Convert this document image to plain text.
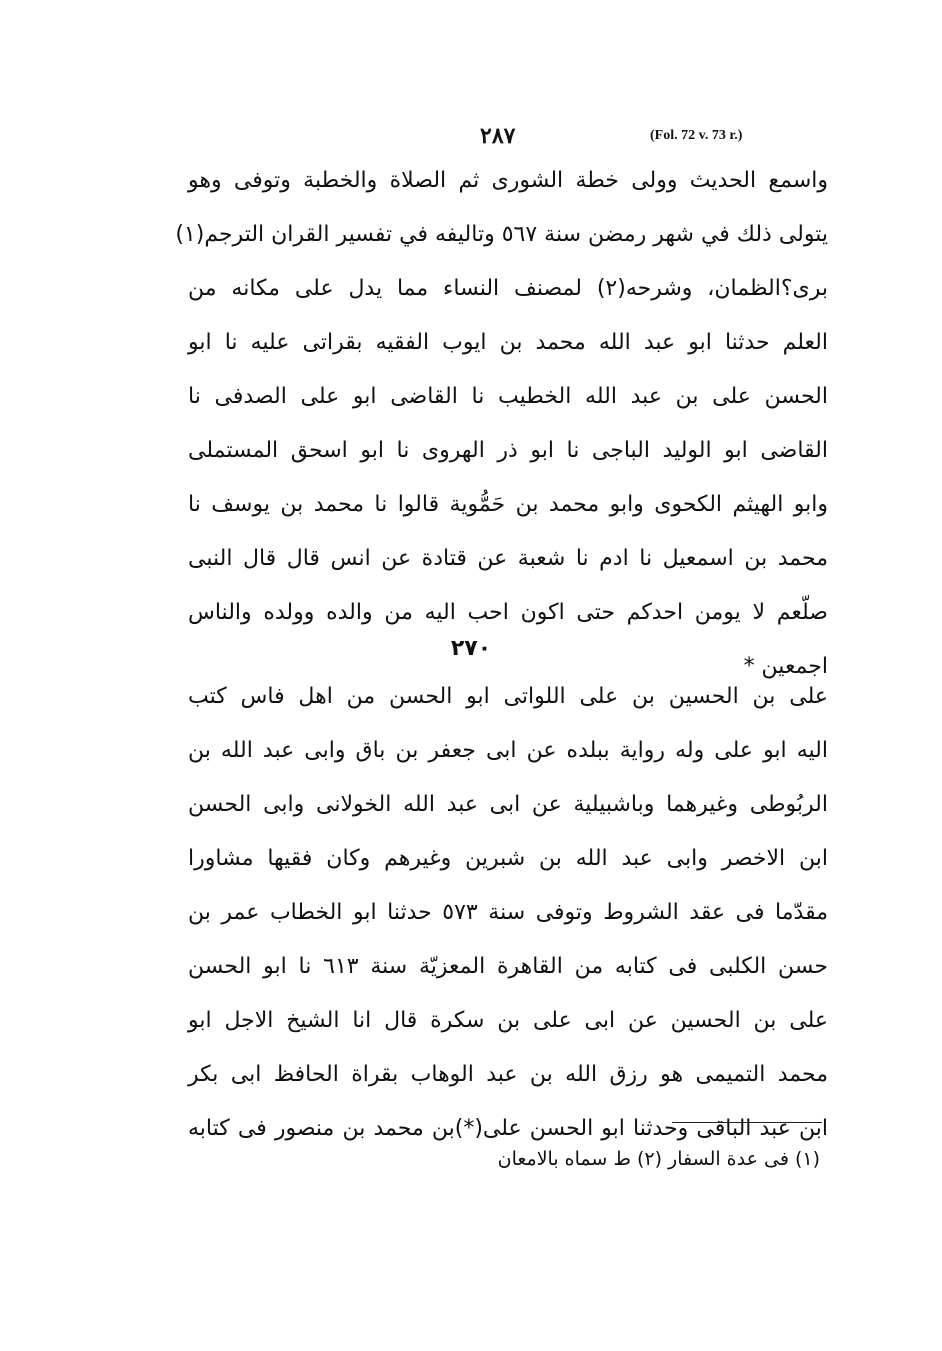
۲۸۷	(Fol. 72 v. 73 r.)
واسمع الحديث وولى خطة الشورى ثم الصلاة والخطبة وتوفى وهو
يتولى ذلك في شهر رمضن سنة ٥٦٧ وتاليفه في تفسير القران الترجم(١)
برى؟الظمان، وشرحه(٢) لمصنف النساء مما يدل على مكانه من
العلم حدثنا ابو عبد الله محمد بن ايوب الفقيه بقراتى عليه نا ابو
الحسن على بن عبد الله الخطيب نا القاضى ابو على الصدفى نا
القاضى ابو الوليد الباجى نا ابو ذر الهروى نا ابو اسحق المستملى
وابو الهيثم الكحوى وابو محمد بن حَمُّوية قالوا نا محمد بن يوسف نا
محمد بن اسمعيل نا ادم نا شعبة عن قتادة عن انس قال قال النبى
صلّعم لا يومن احدكم حتى اكون احب اليه من والده وولده والناس
اجمعين *
۲۷۰
على بن الحسين بن على اللواتى ابو الحسن من اهل فاس كتب
اليه ابو على وله رواية ببلده عن ابى جعفر بن باق وابى عبد الله بن
الربُوطى وغيرهما وباشبيلية عن ابى عبد الله الخولانى وابى الحسن
ابن الاخصر وابى عبد الله بن شبرين وغيرهم وكان فقيها مشاورا
مقدّما فى عقد الشروط وتوفى سنة ٥٧٣ حدثنا ابو الخطاب عمر بن
حسن الكلبى فى كتابه من القاهرة المعزيّة سنة ٦١٣ نا ابو الحسن
على بن الحسين عن ابى على بن سكرة قال انا الشيخ الاجل ابو
محمد التميمى هو رزق الله بن عبد الوهاب بقراة الحافظ ابى بكر
ابن عبد الباقى وحدثنا ابو الحسن على(*)بن محمد بن منصور فى كتابه
(١) فى عدة السفار (٢) ط سماه بالامعان
